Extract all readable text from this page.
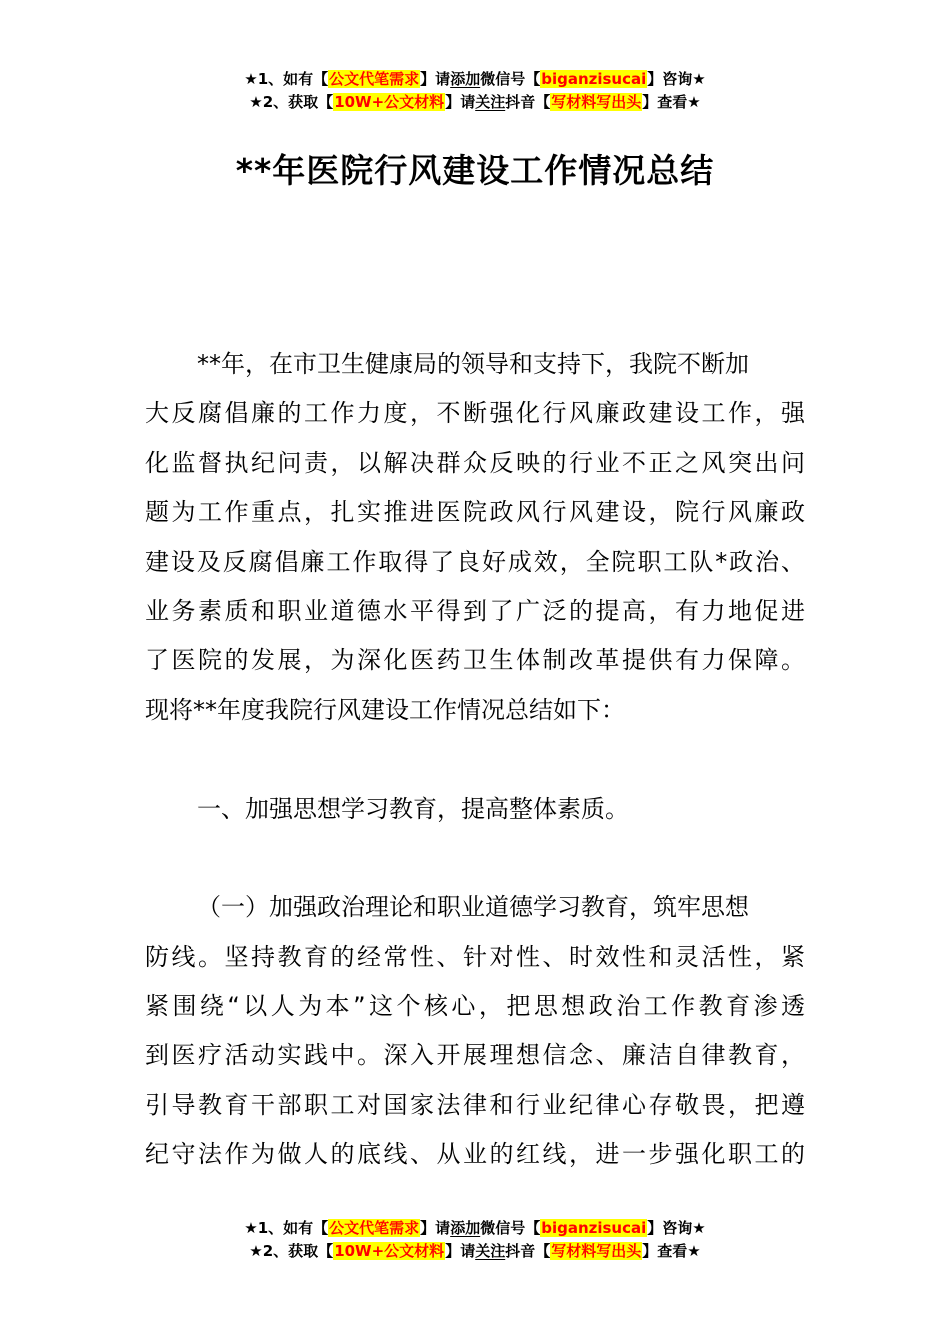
★1、如有【公文代笔需求】请添加微信号【biganzisucai】咨询★
★2、获取【10W+公文材料】请关注抖音【写材料写出头】查看★
**年医院行风建设工作情况总结
**年，在市卫生健康局的领导和支持下，我院不断加
大反腐倡廉的工作力度，不断强化行风廉政建设工作，强
化监督执纪问责，以解决群众反映的行业不正之风突出问
题为工作重点，扎实推进医院政风行风建设，院行风廉政
建设及反腐倡廉工作取得了良好成效，全院职工队*政治、
业务素质和职业道德水平得到了广泛的提高，有力地促进
了医院的发展，为深化医药卫生体制改革提供有力保障。
现将**年度我院行风建设工作情况总结如下：
一、加强思想学习教育，提高整体素质。
（一）加强政治理论和职业道德学习教育，筑牢思想
防线。坚持教育的经常性、针对性、时效性和灵活性，紧
紧围绕“以人为本”这个核心，把思想政治工作教育渗透
到医疗活动实践中。深入开展理想信念、廉洁自律教育，
引导教育干部职工对国家法律和行业纪律心存敬畏，把遵
纪守法作为做人的底线、从业的红线，进一步强化职工的
★1、如有【公文代笔需求】请添加微信号【biganzisucai】咨询★
★2、获取【10W+公文材料】请关注抖音【写材料写出头】查看★
